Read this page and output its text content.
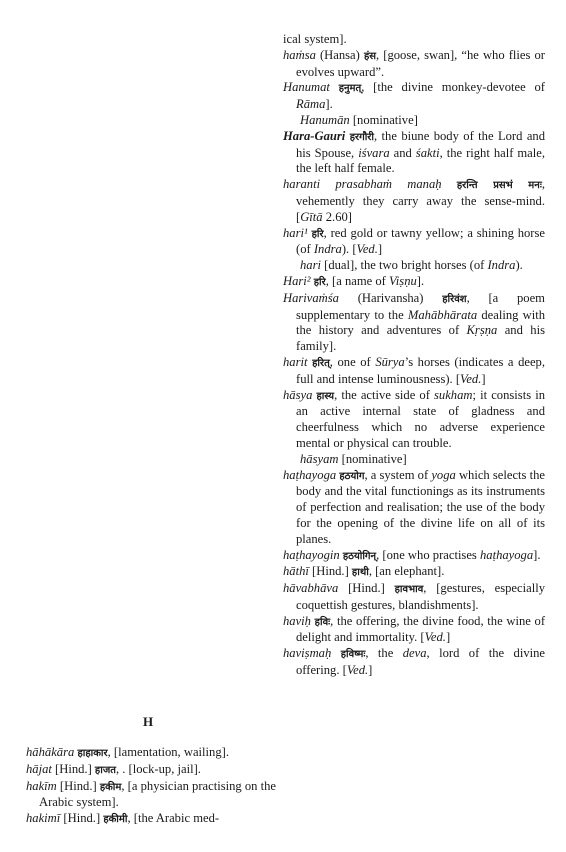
H

ical system].

haṁsa (Hansa) हंस, [goose, swan], “he who flies or evolves upward”.

Hanumat हनुमत्, [the divine monkey-devotee of Rāma].

Hanumān [nominative]

Hara-Gauri हरगौरी, the biune body of the Lord and his Spouse, iśvara and śakti, the right half male, the left half female.

haranti prasabhaṁ manaḥ हरन्ति प्रसभं मनः, vehemently they carry away the sense-mind. [Gītā 2.60]

hari¹ हरि, red gold or tawny yellow; a shining horse (of Indra). [Ved.]

hari [dual], the two bright horses (of Indra).

Hari² हरि, [a name of Viṣṇu].

Harivaṁśa (Harivansha) हरिवंश, [a poem supplementary to the Mahābhārata dealing with the history and adventures of Kṛṣṇa and his family].

harit हरित्, one of Sūrya’s horses (indicates a deep, full and intense luminousness). [Ved.]

hāsya हास्य, the active side of sukham; it consists in an active internal state of gladness and cheerfulness which no adverse experience mental or physical can trouble.

hāsyam [nominative]

haṭhayoga हठयोग, a system of yoga which selects the body and the vital functionings as its instruments of perfection and realisation; the use of the body for the opening of the divine life on all of its planes.

haṭhayogin हठयोगिन्, [one who practises haṭhayoga].

hāthī [Hind.] हाथी, [an elephant].

hāvabhāva [Hind.] हावभाव, [gestures, especially coquettish gestures, blandishments].

haviḥ हविः, the offering, the divine food, the wine of delight and immortality. [Ved.]

haviṣmaḥ हविष्मः, the deva, lord of the divine offering. [Ved.]

hāhākāra हाहाकार, [lamentation, wailing].

hājat [Hind.] हाजत, . [lock-up, jail].

hakīm [Hind.] हकीम, [a physician practising on the Arabic system].

hakimī [Hind.] हकीमी, [the Arabic med-
